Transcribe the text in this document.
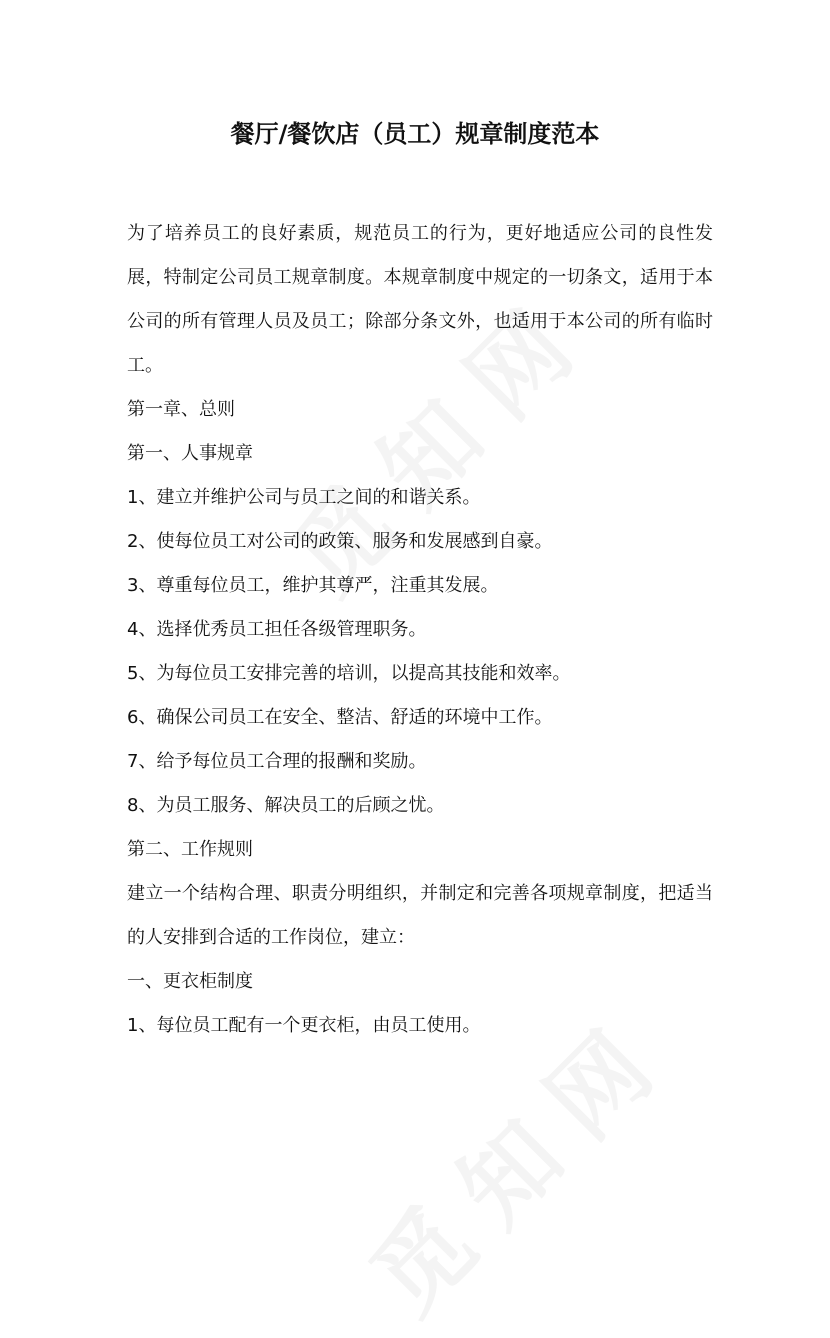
餐厅/餐饮店（员工）规章制度范本

为了培养员工的良好素质，规范员工的行为，更好地适应公司的良性发展，特制定公司员工规章制度。本规章制度中规定的一切条文，适用于本公司的所有管理人员及员工；除部分条文外，也适用于本公司的所有临时工。

第一章、总则

第一、人事规章

1、建立并维护公司与员工之间的和谐关系。

2、使每位员工对公司的政策、服务和发展感到自豪。

3、尊重每位员工，维护其尊严，注重其发展。

4、选择优秀员工担任各级管理职务。

5、为每位员工安排完善的培训，以提高其技能和效率。

6、确保公司员工在安全、整洁、舒适的环境中工作。

7、给予每位员工合理的报酬和奖励。

8、为员工服务、解决员工的后顾之忧。

第二、工作规则

建立一个结构合理、职责分明组织，并制定和完善各项规章制度，把适当的人安排到合适的工作岗位，建立：

一、更衣柜制度

1、每位员工配有一个更衣柜，由员工使用。
